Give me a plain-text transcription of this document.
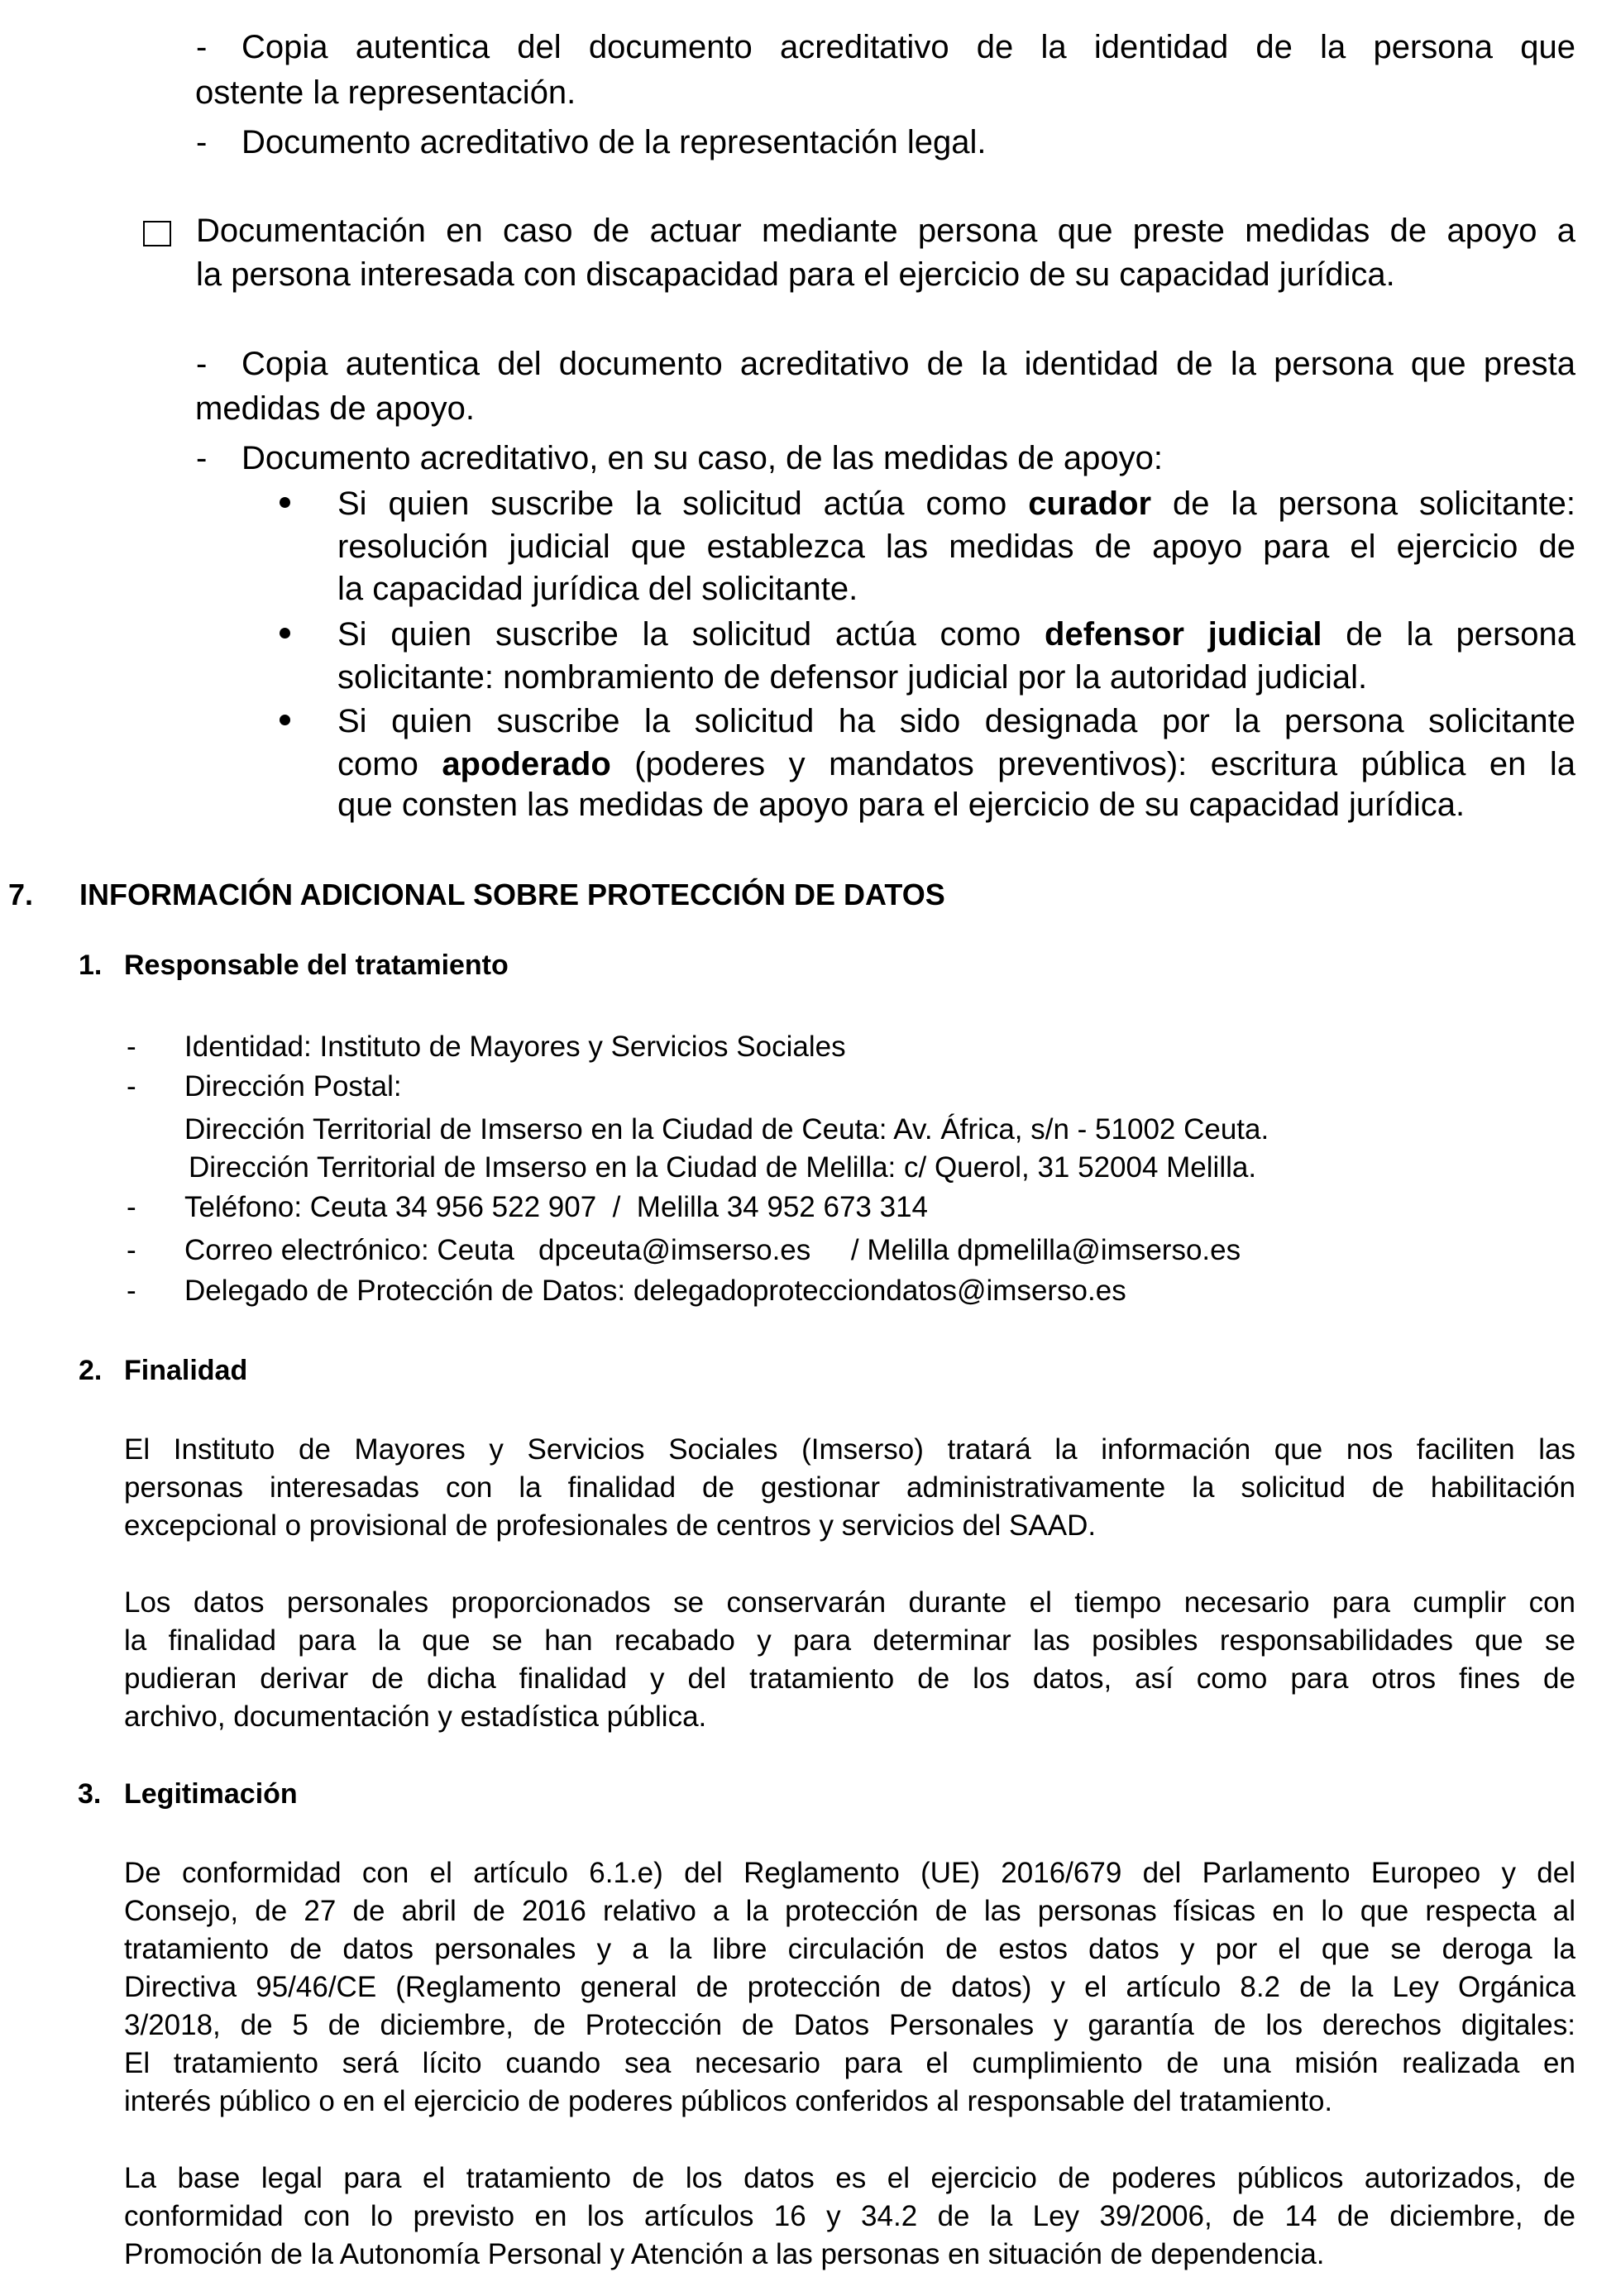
- Copia autentica del documento acreditativo de la identidad de la persona que
ostente la representación.
- Documento acreditativo de la representación legal.
Documentación en caso de actuar mediante persona que preste medidas de apoyo a
la persona interesada con discapacidad para el ejercicio de su capacidad jurídica.
- Copia autentica del documento acreditativo de la identidad de la persona que presta
medidas de apoyo.
- Documento acreditativo, en su caso, de las medidas de apoyo:
Si quien suscribe la solicitud actúa como curador de la persona solicitante:
resolución judicial que establezca las medidas de apoyo para el ejercicio de
la capacidad jurídica del solicitante.
Si quien suscribe la solicitud actúa como defensor judicial de la persona
solicitante: nombramiento de defensor judicial por la autoridad judicial.
Si quien suscribe la solicitud ha sido designada por la persona solicitante
como apoderado (poderes y mandatos preventivos): escritura pública en la
que consten las medidas de apoyo para el ejercicio de su capacidad jurídica.
7. INFORMACIÓN ADICIONAL SOBRE PROTECCIÓN DE DATOS
1. Responsable del tratamiento
- Identidad: Instituto de Mayores y Servicios Sociales
- Dirección Postal:
Dirección Territorial de Imserso en la Ciudad de Ceuta: Av. África, s/n - 51002 Ceuta.
Dirección Territorial de Imserso en la Ciudad de Melilla: c/ Querol, 31 52004 Melilla.
- Teléfono: Ceuta 34 956 522 907  /  Melilla 34 952 673 314
- Correo electrónico: Ceuta   dpceuta@imserso.es     / Melilla dpmelilla@imserso.es
- Delegado de Protección de Datos: delegadoprotecciondatos@imserso.es
2. Finalidad
El Instituto de Mayores y Servicios Sociales (Imserso) tratará la información que nos faciliten las
personas interesadas con la finalidad de gestionar administrativamente la solicitud de habilitación
excepcional o provisional de profesionales de centros y servicios del SAAD.
Los datos personales proporcionados se conservarán durante el tiempo necesario para cumplir con
la finalidad para la que se han recabado y para determinar las posibles responsabilidades que se
pudieran derivar de dicha finalidad y del tratamiento de los datos, así como para otros fines de
archivo, documentación y estadística pública.
3. Legitimación
De conformidad con el artículo 6.1.e) del Reglamento (UE) 2016/679 del Parlamento Europeo y del
Consejo, de 27 de abril de 2016 relativo a la protección de las personas físicas en lo que respecta al
tratamiento de datos personales y a la libre circulación de estos datos y por el que se deroga la
Directiva 95/46/CE (Reglamento general de protección de datos) y el artículo 8.2 de la Ley Orgánica
3/2018, de 5 de diciembre, de Protección de Datos Personales y garantía de los derechos digitales:
El tratamiento será lícito cuando sea necesario para el cumplimiento de una misión realizada en
interés público o en el ejercicio de poderes públicos conferidos al responsable del tratamiento.
La base legal para el tratamiento de los datos es el ejercicio de poderes públicos autorizados, de
conformidad con lo previsto en los artículos 16 y 34.2 de la Ley 39/2006, de 14 de diciembre, de
Promoción de la Autonomía Personal y Atención a las personas en situación de dependencia.
